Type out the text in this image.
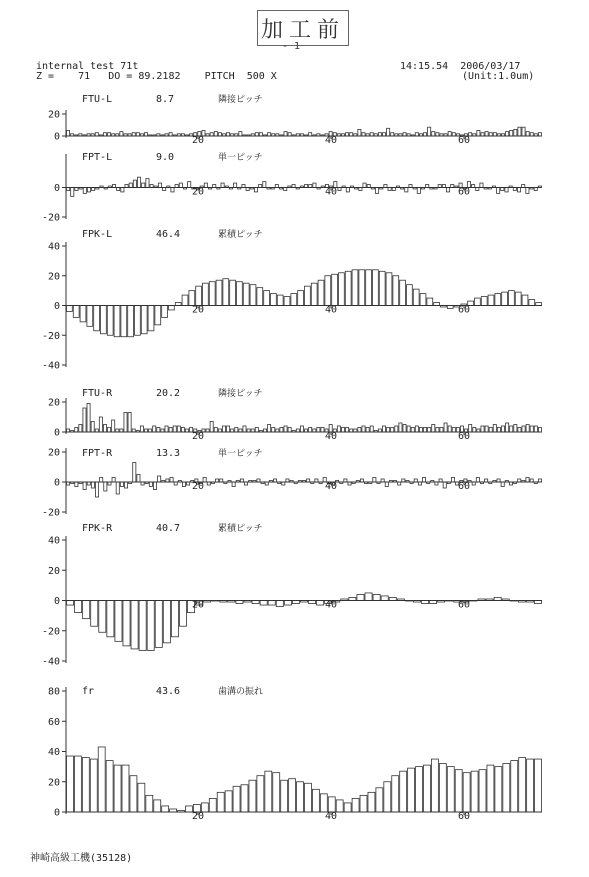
加工前
- 1
internal test 71t	14:15.54  2006/03/17
Z =    71   DO = 89.2182    PITCH  500 X	(Unit:1.0um)
FTU-L	8.7	隣接ピッチ
0
20
20	40	60
FPT-L	9.0	単一ピッチ
0
-20
20	40	60
FPK-L	46.4	累積ピッチ
40
20
0
-20
-40
20	40	60
FTU-R	20.2	隣接ピッチ
20
0	20	40	60
FPT-R	13.3	単一ピッチ
20
0
-20
20	40	60
FPK-R	40.7	累積ピッチ
40
20
0
-20
-40
20	40	60
fr	43.6	歯溝の振れ
80
60
40
20
0	20	40	60
神崎高級工機(35128)
